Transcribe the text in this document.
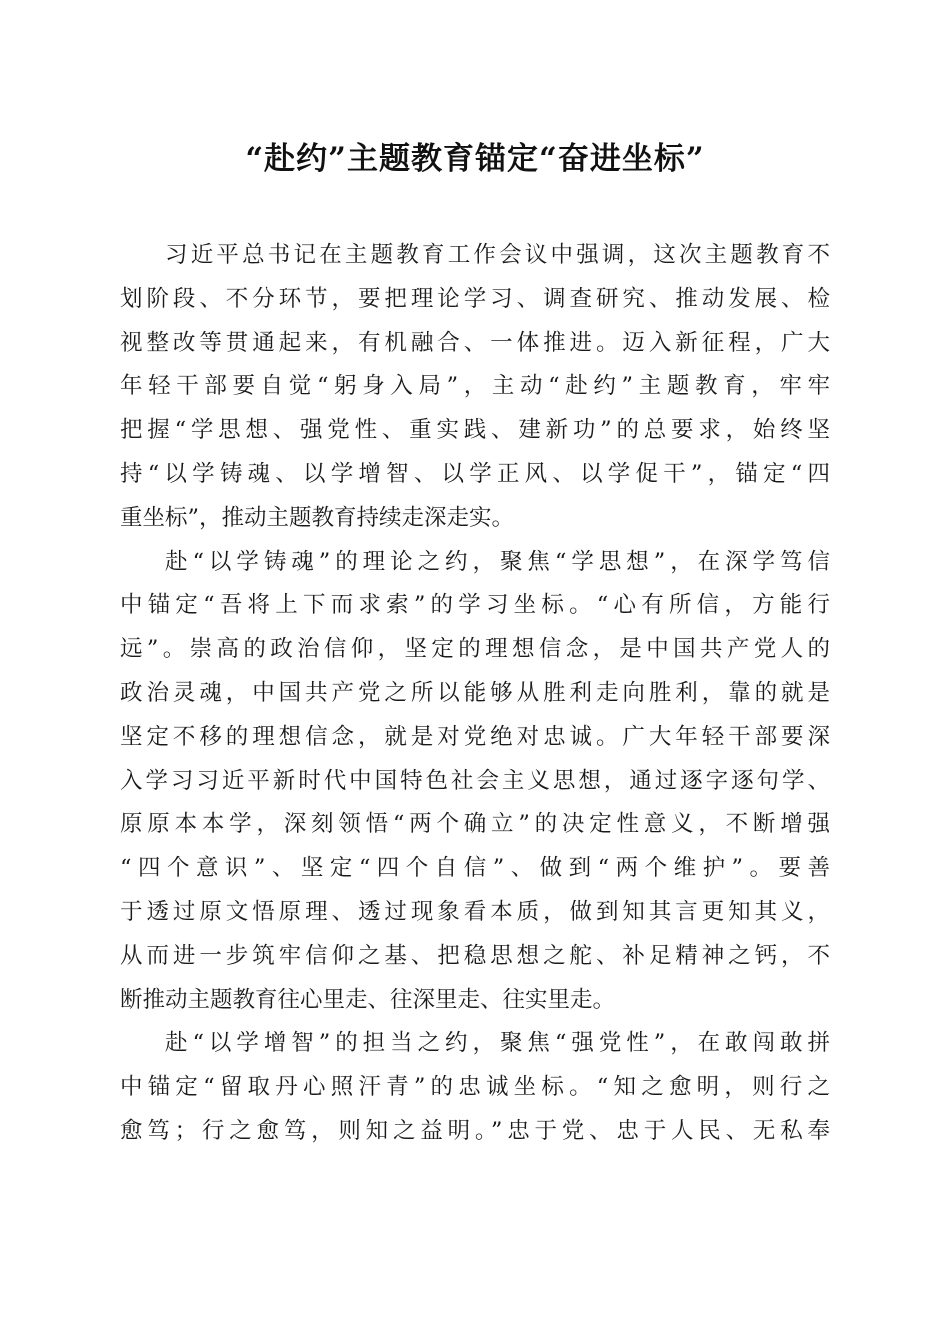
“赴约”主题教育锚定“奋进坐标”
习近平总书记在主题教育工作会议中强调，这次主题教育不
划阶段、不分环节，要把理论学习、调查研究、推动发展、检
视整改等贯通起来，有机融合、一体推进。迈入新征程，广大
年轻干部要自觉“躬身入局”，主动“赴约”主题教育，牢牢
把握“学思想、强党性、重实践、建新功”的总要求，始终坚
持“以学铸魂、以学增智、以学正风、以学促干”，锚定“四
重坐标”，推动主题教育持续走深走实。
赴“以学铸魂”的理论之约，聚焦“学思想”，在深学笃信
中锚定“吾将上下而求索”的学习坐标。“心有所信，方能行
远”。崇高的政治信仰，坚定的理想信念，是中国共产党人的
政治灵魂，中国共产党之所以能够从胜利走向胜利，靠的就是
坚定不移的理想信念，就是对党绝对忠诚。广大年轻干部要深
入学习习近平新时代中国特色社会主义思想，通过逐字逐句学、
原原本本学，深刻领悟“两个确立”的决定性意义，不断增强
“四个意识”、坚定“四个自信”、做到“两个维护”。要善
于透过原文悟原理、透过现象看本质，做到知其言更知其义，
从而进一步筑牢信仰之基、把稳思想之舵、补足精神之钙，不
断推动主题教育往心里走、往深里走、往实里走。
赴“以学增智”的担当之约，聚焦“强党性”，在敢闯敢拼
中锚定“留取丹心照汗青”的忠诚坐标。“知之愈明，则行之
愈笃；行之愈笃，则知之益明。”忠于党、忠于人民、无私奉
